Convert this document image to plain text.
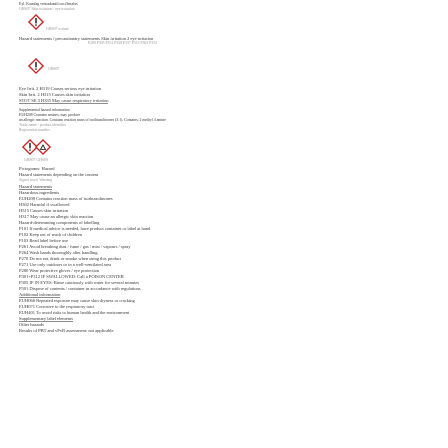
Eyl. Kuunlag ventuskantil oaci/beralus
GHS07 Skin irritation / eye irritation
GHS07 irritant
Hazard statements / precautionary statements Skin irritation 2 eye irritation
P280 P305 P351 P338 P337 P313 P302 P352
GHS07
Eye Irrit. 2 H319 Causes serious eye irritation
Skin Irrit. 2 H315 Causes skin irritation
STOT SE 3 H335 May cause respiratory irritation
Supplemental hazard information
EUH208 Contains amines; may produce
an allergic reaction. Contains reaction mass of isothiazolinones (3:1). Contains; 2 methyl 4 amine
Trade name / product identifier
Registration number
GHS07 GHS09
Pictograms: Hazard
Hazard statements depending on the content
Signal word: Warning
Hazard statements
Hazardous ingredients
EUH208 Contains reaction mass of isothiazolinones
H302 Harmful if swallowed
H315 Causes skin irritation
H317 May cause an allergic skin reaction
Hazard-determining components of labelling
P101 If medical advice is needed, have product container or label at hand
P102 Keep out of reach of children
P103 Read label before use
P261 Avoid breathing dust / fume / gas / mist / vapours / spray
P264 Wash hands thoroughly after handling
P270 Do not eat, drink or smoke when using this product
P271 Use only outdoors or in a well-ventilated area
P280 Wear protective gloves / eye protection
P301+P312 IF SWALLOWED: Call a POISON CENTER
P305 IF IN EYES: Rinse cautiously with water for several minutes
P501 Dispose of contents / container in accordance with regulations
Additional information
EUH066 Repeated exposure may cause skin dryness or cracking
EUH071 Corrosive to the respiratory tract
EUH401 To avoid risks to human health and the environment
Supplementary label elements
Other hazards
Results of PBT and vPvB assessment: not applicable
